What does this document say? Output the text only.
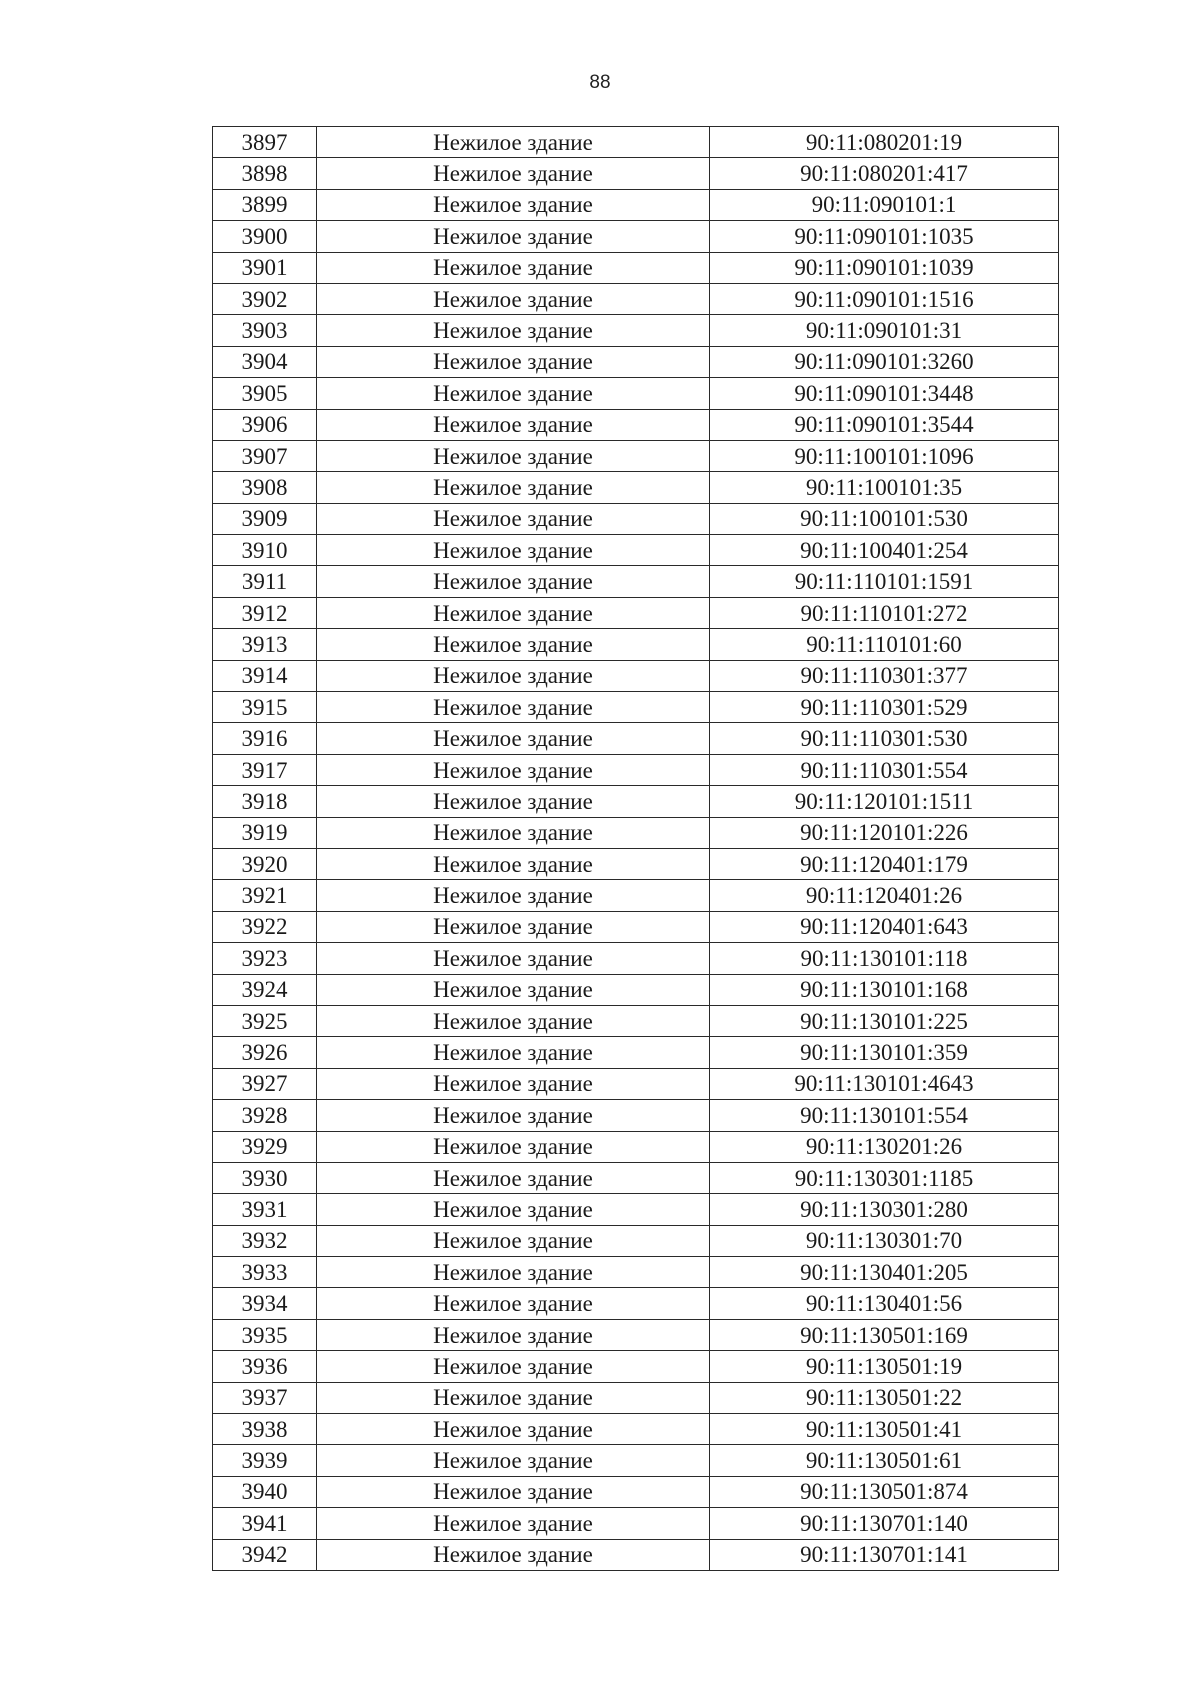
88
3897	Нежилое здание	90:11:080201:19
3898	Нежилое здание	90:11:080201:417
3899	Нежилое здание	90:11:090101:1
3900	Нежилое здание	90:11:090101:1035
3901	Нежилое здание	90:11:090101:1039
3902	Нежилое здание	90:11:090101:1516
3903	Нежилое здание	90:11:090101:31
3904	Нежилое здание	90:11:090101:3260
3905	Нежилое здание	90:11:090101:3448
3906	Нежилое здание	90:11:090101:3544
3907	Нежилое здание	90:11:100101:1096
3908	Нежилое здание	90:11:100101:35
3909	Нежилое здание	90:11:100101:530
3910	Нежилое здание	90:11:100401:254
3911	Нежилое здание	90:11:110101:1591
3912	Нежилое здание	90:11:110101:272
3913	Нежилое здание	90:11:110101:60
3914	Нежилое здание	90:11:110301:377
3915	Нежилое здание	90:11:110301:529
3916	Нежилое здание	90:11:110301:530
3917	Нежилое здание	90:11:110301:554
3918	Нежилое здание	90:11:120101:1511
3919	Нежилое здание	90:11:120101:226
3920	Нежилое здание	90:11:120401:179
3921	Нежилое здание	90:11:120401:26
3922	Нежилое здание	90:11:120401:643
3923	Нежилое здание	90:11:130101:118
3924	Нежилое здание	90:11:130101:168
3925	Нежилое здание	90:11:130101:225
3926	Нежилое здание	90:11:130101:359
3927	Нежилое здание	90:11:130101:4643
3928	Нежилое здание	90:11:130101:554
3929	Нежилое здание	90:11:130201:26
3930	Нежилое здание	90:11:130301:1185
3931	Нежилое здание	90:11:130301:280
3932	Нежилое здание	90:11:130301:70
3933	Нежилое здание	90:11:130401:205
3934	Нежилое здание	90:11:130401:56
3935	Нежилое здание	90:11:130501:169
3936	Нежилое здание	90:11:130501:19
3937	Нежилое здание	90:11:130501:22
3938	Нежилое здание	90:11:130501:41
3939	Нежилое здание	90:11:130501:61
3940	Нежилое здание	90:11:130501:874
3941	Нежилое здание	90:11:130701:140
3942	Нежилое здание	90:11:130701:141
